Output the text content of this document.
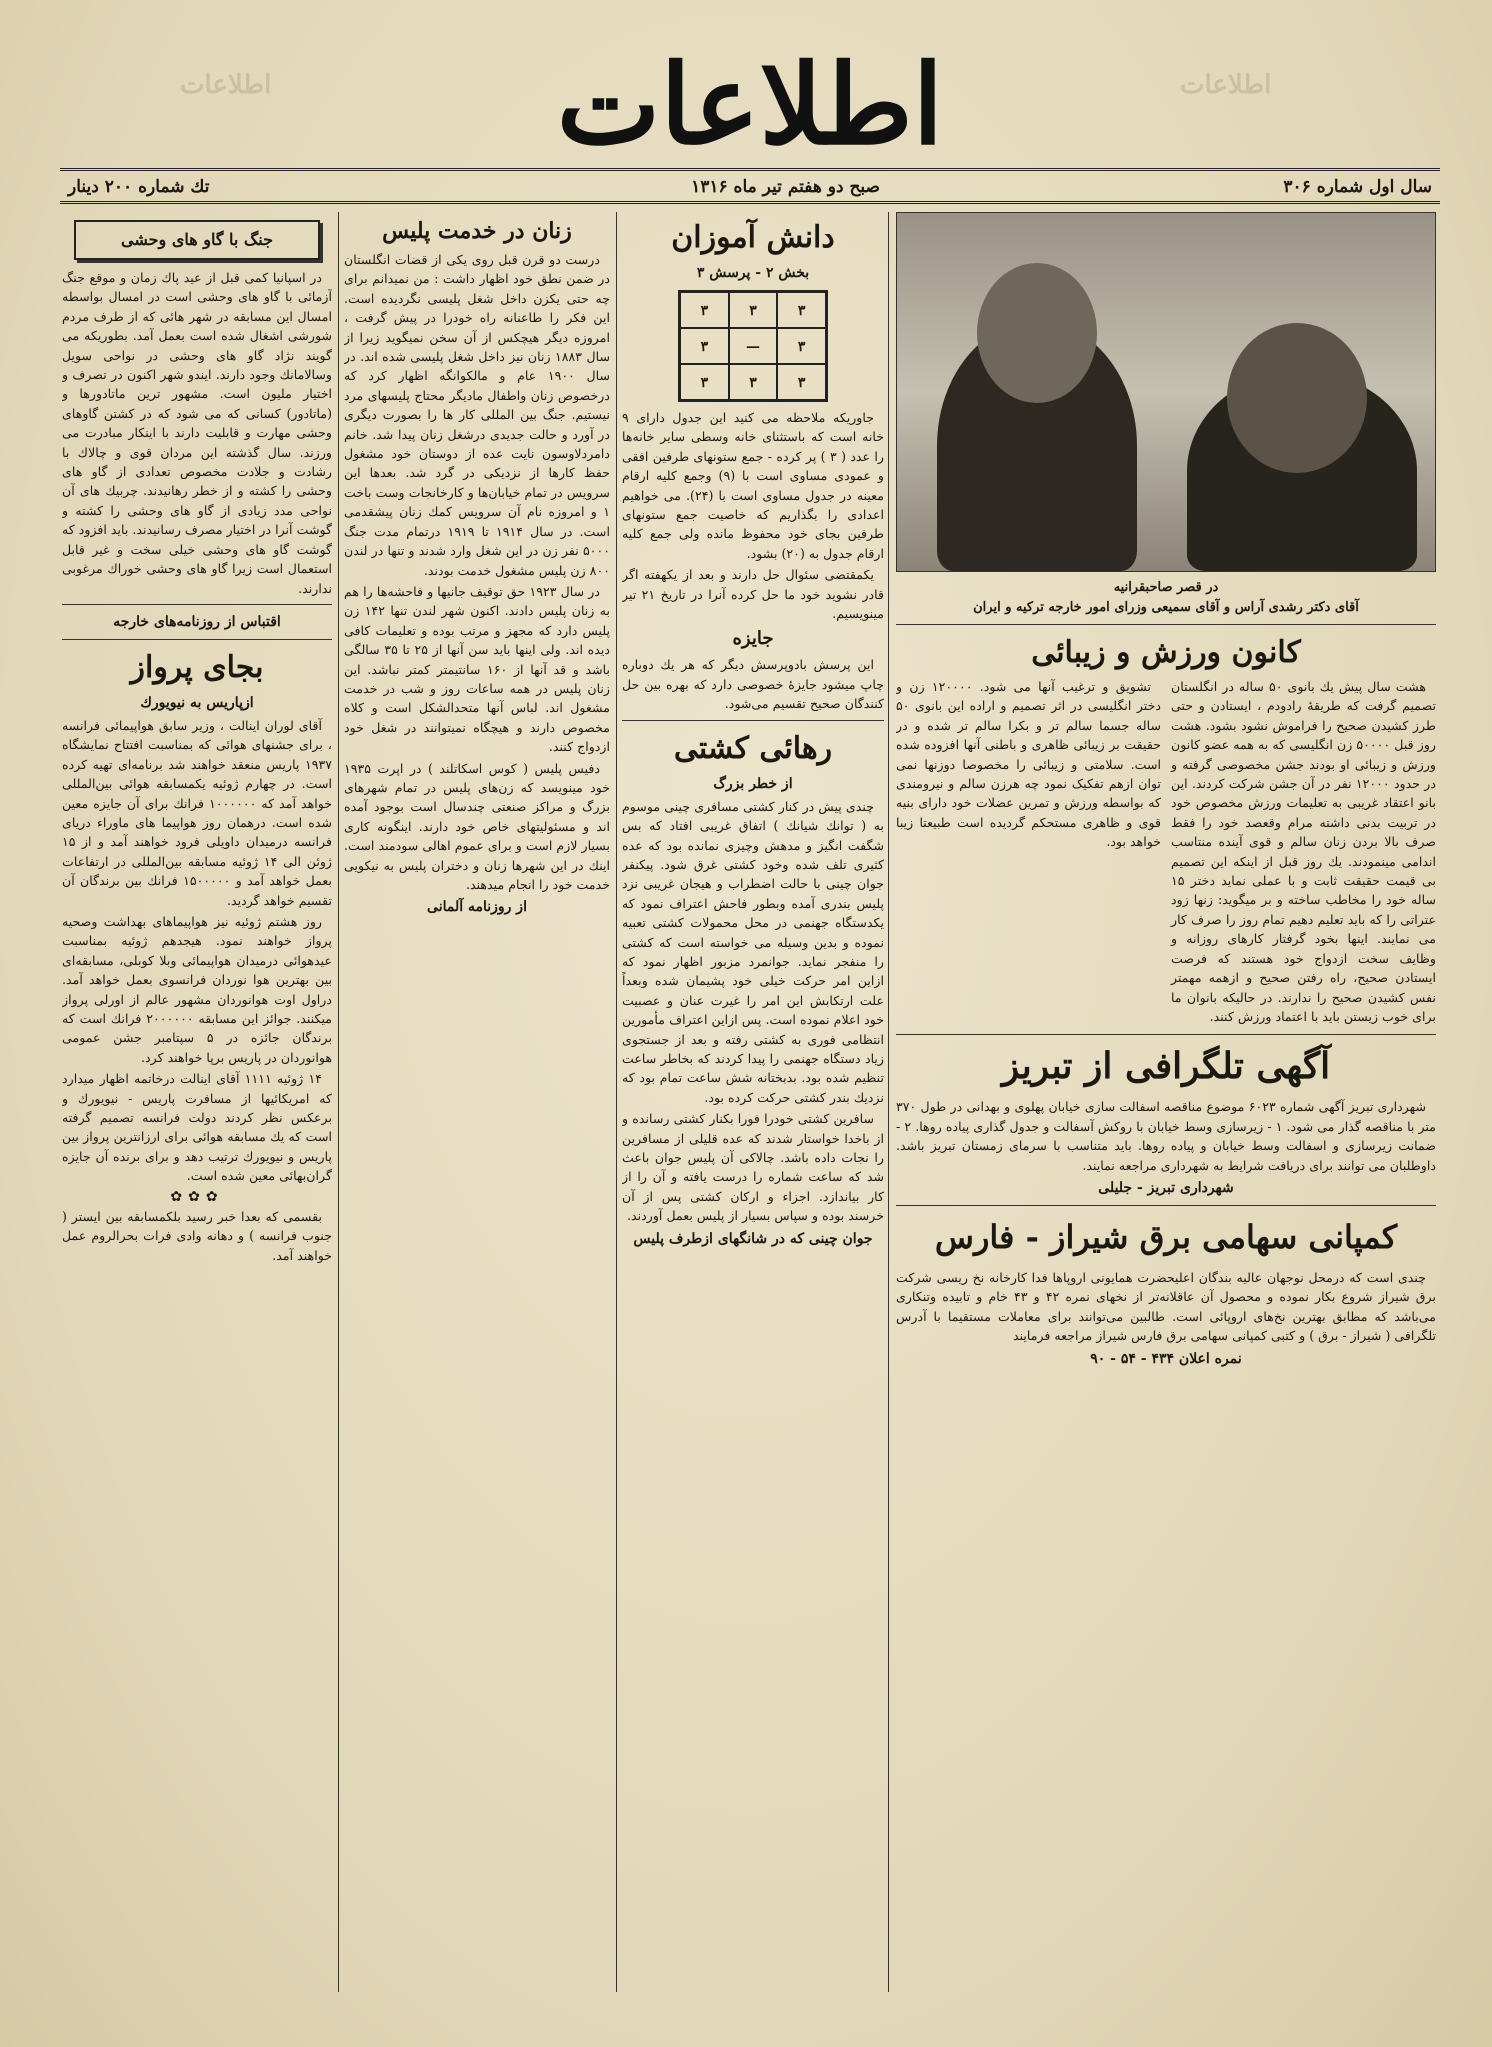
اطلاعات
اطلاعات	اطلاعات
سال اول شماره ۳۰۶
صبح دو هفتم تیر ماه ۱۳۱۶
تك شماره ۲۰۰ دینار
در قصر صاحبقرانیه
آقای دکتر رشدی آراس و آقای سمیعی وزرای امور خارجه ترکیه و ایران
کانون ورزش و زیبائی

هشت سال پیش یك بانوی ۵۰ ساله در انگلستان تصمیم گرفت که طریقهٔ رادودم ، ایستادن و حتی طرز کشیدن صحیح را فراموش نشود بشود. هشت روز قبل ۵۰۰۰۰ زن انگلیسی که به همه عضو کانون ورزش و زیبائی او بودند جشن مخصوصی گرفته و در حدود ۱۲۰۰۰ نفر در آن جشن شرکت کردند. این بانو اعتقاد غریبی به تعلیمات ورزش مخصوص خود در تربیت بدنی داشته مرام وقعصد خود را فقط صرف بالا بردن زنان سالم و قوی آینده منتاسب اندامی مینمودند. یك روز قبل از اینکه این تصمیم بی قیمت حقیقت ثابت و با عملی نماید دختر ۱۵ ساله خود را مخاطب ساخته و بر میگوید: زنها زود عتراتی را که باید تعلیم دهیم تمام روز را صرف کار می نمایند. اینها بخود گرفتار کارهای روزانه و وظایف سخت ازدواج خود هستند که فرصت ایستادن صحیح، راه رفتن صحیح و ازهمه مهمتر نفس کشیدن صحیح را ندارند. در حالیکه بانوان ما برای خوب زیستن باید با اعتماد ورزش کنند.

تشویق و ترغیب آنها می شود. ۱۲۰۰۰۰ زن و دختر انگلیسی در اثر تصمیم و اراده این بانوی ۵۰ ساله جسما سالم تر و بکرا سالم تر شده و در حقیقت بر زیبائی ظاهری و باطنی آنها افزوده شده است. سلامتی و زیبائی را مخصوصا دوزنها نمی توان ازهم تفکیک نمود چه هرزن سالم و نیرومندی که بواسطه ورزش و تمرین عضلات خود دارای بنیه قوی و ظاهری مستحکم گردیده است طبیعتا زیبا خواهد بود.

آگهی تلگرافی از تبریز

شهرداری تبریز آگهی شماره ۶۰۲۳ موضوع مناقصه اسفالت سازی خیابان پهلوی و بهدانی در طول ۳۷۰ متر با مناقصه گذار می شود. ۱ - زیرسازی وسط خیابان با روکش آسفالت و جدول گذاری پیاده روها. ۲ - ضمانت زیرسازی و اسفالت وسط خیابان و پیاده روها. باید متناسب با سرمای زمستان تبریز باشد. داوطلبان می توانند برای دریافت شرایط به شهرداری مراجعه نمایند.

شهرداری تبریز - جلیلی
کمپانی سهامی برق شیراز - فارس

چندی است که درمحل نوجهان عالیه بندگان اعلیحضرت همایونی اروپاها فدا کارخانه نخ ریسی شرکت برق شیراز شروع بکار نموده و محصول آن عاقلانه‌تر از نخهای نمره ۴۲ و ۴۳ خام و تابیده وتنکاری می‌باشد که مطابق بهترین نخ‌های اروپائی است. طالبین می‌توانند برای معاملات مستقیما با آدرس تلگرافی ( شیراز - برق ) و کتبی کمپانی سهامی برق فارس شیراز مراجعه فرمایند

نمره اعلان ۴۳۴ - ۵۴ - ۹۰
دانش آموزان
بخش ۲ - پرسش ۳
۳	۳	۳
۳	—	۳
۳	۳	۳

جاوریکه ملاحظه می کنید این جدول دارای ۹ خانه است که باستثنای خانه وسطی سایر خانه‌ها را عدد ( ۳ ) پر کرده - جمع ستونهای طرفین افقی و عمودی مساوی است با (۹) وجمع کلیه ارقام معینه در جدول مساوی است با (۲۴). می خواهیم اعدادی را بگذاریم که خاصیت جمع ستونهای طرفین بجای خود محفوظ مانده ولی جمع کلیه ارقام جدول به (۲۰) بشود.

یکمقتضی سئوال حل دارند و بعد از یکهفته اگر قادر نشوید خود ما حل کرده آنرا در تاریخ ۲۱ تیر مینویسیم.

جایزه

این پرسش بادوپرسش دیگر که هر یك دوباره چاپ میشود جایزهٔ خصوصی دارد که بهره بین حل کنندگان صحیح تقسیم می‌شود.

رهائی کشتی
از خطر بزرگ

چندی پیش در کنار کشتی مسافری چینی موسوم به ( توانك شیانك ) اتفاق غریبی افتاد که بس شگفت انگیز و مدهش وچیزی نمانده بود که عده کثیری تلف شده وخود کشتی غرق شود. پیکنفر جوان چینی با حالت اضطراب و هیجان غریبی نزد پلیس بندری آمده وبطور فاحش اعتراف نمود که یکدستگاه جهنمی در محل محمولات کشتی تعبیه نموده و بدین وسیله می خواسته است که کشتی را منفجر نماید. جوانمرد مزبور اظهار نمود که ازاین امر حرکت خیلی خود پشیمان شده وبعداً علت ارتکابش این امر را غیرت عنان و عصبیت خود اعلام نموده است. پس ازاین اعتراف مأمورین انتظامی فوری به کشتی رفته و بعد از جستجوی زیاد دستگاه جهنمی را پیدا کردند که بخاطر ساعت تنظیم شده بود. بدبختانه شش ساعت تمام بود که نزدیك بندر کشتی حرکت کرده بود.

سافرین کشتی خودرا فورا بکنار کشتی رسانده و از باخدا خواستار شدند که عده قلیلی از مسافرین را نجات داده باشد. چالاکی آن پلیس جوان باعث شد که ساعت شماره را درست یافته و آن را از کار بیاندازد. اجزاء و ارکان کشتی پس از آن خرسند بوده و سپاس بسیار از پلیس بعمل آوردند.

جوان چینی که در شانگهای ازطرف پلیس
زنان در خدمت پلیس

درست دو قرن قبل روی یکی از قضات انگلستان در ضمن نطق خود اظهار داشت : من نمیدانم برای چه حتی یکزن داخل شغل پلیسی نگردیده است. این فکر را طاعنانه راه خودرا در پیش گرفت ، امروزه دیگر هیچکس از آن سخن نمیگوید زیرا از سال ۱۸۸۳ زنان نیز داخل شغل پلیسی شده اند. در سال ۱۹۰۰ عام و مالکوانگه اظهار کرد که درخصوص زنان واطفال مادیگر محتاج پلیسهای مرد نیستیم. جنگ بین المللی کار ها را بصورت دیگری در آورد و حالت جدیدی درشغل زنان پیدا شد. خانم دامردلاوسون نایت عده از دوستان خود مشغول حفظ کارها از نزدیکی در گرد شد. بعدها این سرویس در تمام خیابان‌ها و کارخانجات وست باخت ۱ و امروزه نام آن سرویس کمك زنان پیشقدمی است. در سال ۱۹۱۴ تا ۱۹۱۹ درتمام مدت جنگ ۵۰۰۰ نفر زن در این شغل وارد شدند و تنها در لندن ۸۰۰ زن پلیس مشغول خدمت بودند.

در سال ۱۹۲۳ حق توقیف جانیها و فاحشه‌ها را هم به زنان پلیس دادند. اکنون شهر لندن تنها ۱۴۲ زن پلیس دارد که مجهز و مرتب بوده و تعلیمات کافی دیده اند. ولی اینها باید سن آنها از ۲۵ تا ۳۵ سالگی باشد و قد آنها از ۱۶۰ سانتیمتر کمتر نباشد. این زنان پلیس در همه ساعات روز و شب در خدمت مشغول اند. لباس آنها متحدالشکل است و کلاه مخصوص دارند و هیچگاه نمیتوانند در شغل خود ازدواج کنند.

دفیس پلیس ( کوس اسکاتلند ) در اپرت ۱۹۳۵ خود مینویسد که زن‌های پلیس در تمام شهرهای بزرگ و مراکز صنعتی چندسال است بوجود آمده اند و مسئولیتهای خاص خود دارند. اینگونه کاری بسیار لازم است و برای عموم اهالی سودمند است. اینك در این شهرها زنان و دختران پلیس به نیکویی خدمت خود را انجام میدهند.

از روزنامه آلمانی
جنگ با گاو های وحشی

در اسپانیا کمی قبل از عید پاك زمان و موقع جنگ آزمائی با گاو های وحشی است در امسال بواسطه امسال این مسابقه در شهر هائی که از طرف مردم شورشی اشغال شده است بعمل آمد. بطوریکه می گویند نژاد گاو های وحشی در نواحی سویل وسالامانك وجود دارند. ایندو شهر اکنون در تصرف و اختیار ملیون است. مشهور ترین ماتادورها و (ماتادور) کسانی که می شود که در کشتن گاوهای وحشی مهارت و قابلیت دارند با اینکار مبادرت می ورزند. سال گذشته این مردان قوی و چالاك با رشادت و جلادت مخصوص تعدادی از گاو های وحشی را کشته و از خطر رهانیدند. چربیك های آن نواحی مدد زیادی از گاو های وحشی را کشته و گوشت آنرا در اختیار مصرف رسانیدند. باید افزود که گوشت گاو های وحشی خیلی سخت و غیر قابل استعمال است زیرا گاو های وحشی خوراك مرغوبی ندارند.

اقتباس از روزنامه‌های خارجه
بجای پرواز
ازپاریس به نیویورك

آقای لوران اینالت ، وزیر سابق هواپیمائی فرانسه ، برای جشنهای هوائی که بمناسبت افتتاح نمایشگاه ۱۹۳۷ پاریس منعقد خواهند شد برنامه‌ای تهیه کرده است. در چهارم ژوئیه یکمسابقه هوائی بین‌المللی خواهد آمد که ۱۰۰۰۰۰۰ فرانك برای آن جایزه معین شده است. درهمان روز هواپیما های ماوراء دریای فرانسه درمیدان داویلی فرود خواهند آمد و از ۱۵ ژوئن الی ۱۴ ژوئیه مسابقه بین‌المللی در ارتفاعات بعمل خواهد آمد و ۱۵۰۰۰۰۰ فرانك بین برندگان آن تقسیم خواهد گردید.

روز هشتم ژوئیه نیز هواپیماهای بهداشت وصحیه پرواز خواهند نمود. هیجدهم ژوئیه بمناسبت عیدهوائی درمیدان هواپیمائی وبلا کوبلی، مسابقه‌ای بین بهترین هوا نوردان فرانسوی بعمل خواهد آمد. دراول اوت هوانوردان مشهور عالم از اورلی پرواز میکنند. جوائز این مسابقه ۲۰۰۰۰۰۰ فرانك است که برندگان جائزه در ۵ سپتامبر جشن عمومی هوانوردان در پاریس برپا خواهند کرد.

۱۴ ژوئیه ۱۱۱۱ آقای اینالت درخاتمه اظهار میدارد که امریکائیها از مسافرت پاریس - نیویورك و برعکس نظر کردند دولت فرانسه تصمیم گرفته است که یك مسابقه هوائی برای ارزانترین پرواز بین پاریس و نیویورك ترتیب دهد و برای برنده آن جایزه گران‌بهائی معین شده است.

✿✿✿

بقسمی که بعدا خبر رسید بلکمسابقه بین ایستر ( جنوب فرانسه ) و دهانه وادی فرات بحرالروم عمل خواهند آمد.
